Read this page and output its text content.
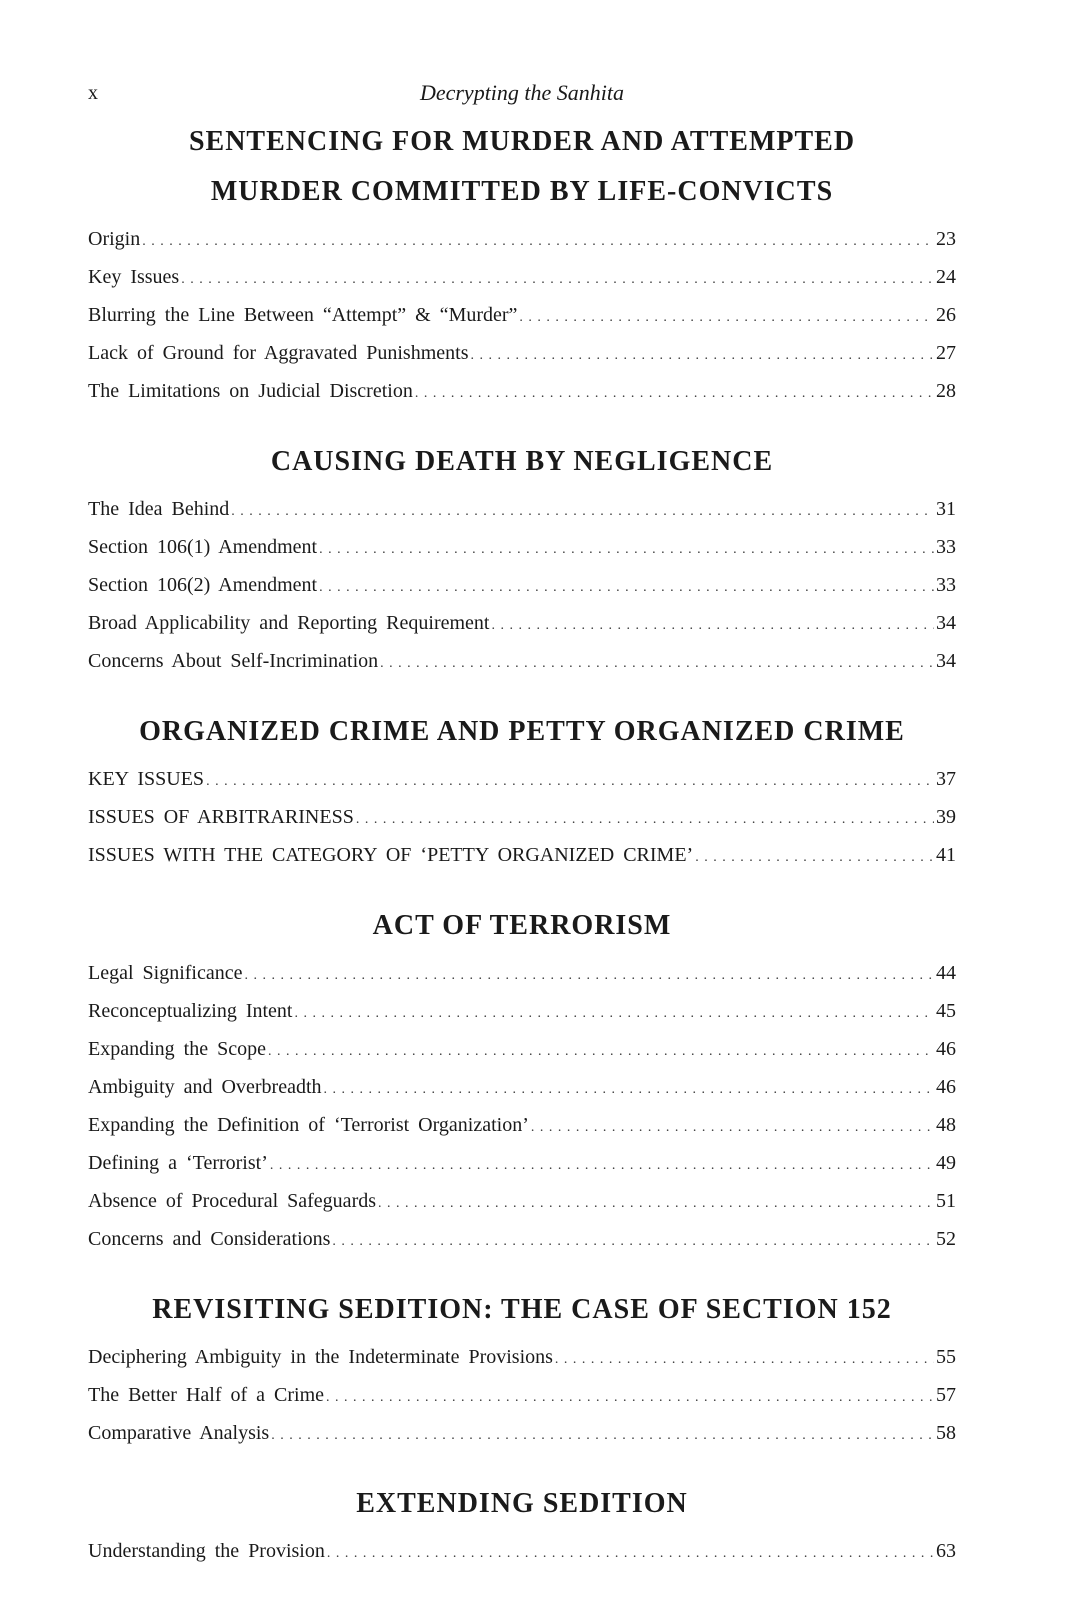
x	Decrypting the Sanhita
SENTENCING FOR MURDER AND ATTEMPTED
MURDER COMMITTED BY LIFE-CONVICTS
Origin . . .	23
Key Issues . . .	24
Blurring the Line Between “Attempt” & “Murder” . . .	26
Lack of Ground for Aggravated Punishments . . .	27
The Limitations on Judicial Discretion . . .	28
CAUSING DEATH BY NEGLIGENCE
The Idea Behind . . .	31
Section 106(1) Amendment . . .	33
Section 106(2) Amendment . . .	33
Broad Applicability and Reporting Requirement . . .	34
Concerns About Self-Incrimination . . .	34
ORGANIZED CRIME AND PETTY ORGANIZED CRIME
KEY ISSUES . . .	37
ISSUES OF ARBITRARINESS . . .	39
ISSUES WITH THE CATEGORY OF ‘PETTY ORGANIZED CRIME’ . . .	41
ACT OF TERRORISM
Legal Significance . . .	44
Reconceptualizing Intent . . .	45
Expanding the Scope . . .	46
Ambiguity and Overbreadth . . .	46
Expanding the Definition of ‘Terrorist Organization’ . . .	48
Defining a ‘Terrorist’ . . .	49
Absence of Procedural Safeguards . . .	51
Concerns and Considerations . . .	52
REVISITING SEDITION: THE CASE OF SECTION 152
Deciphering Ambiguity in the Indeterminate Provisions . . .	55
The Better Half of a Crime . . .	57
Comparative Analysis . . .	58
EXTENDING SEDITION
Understanding the Provision . . .	63
